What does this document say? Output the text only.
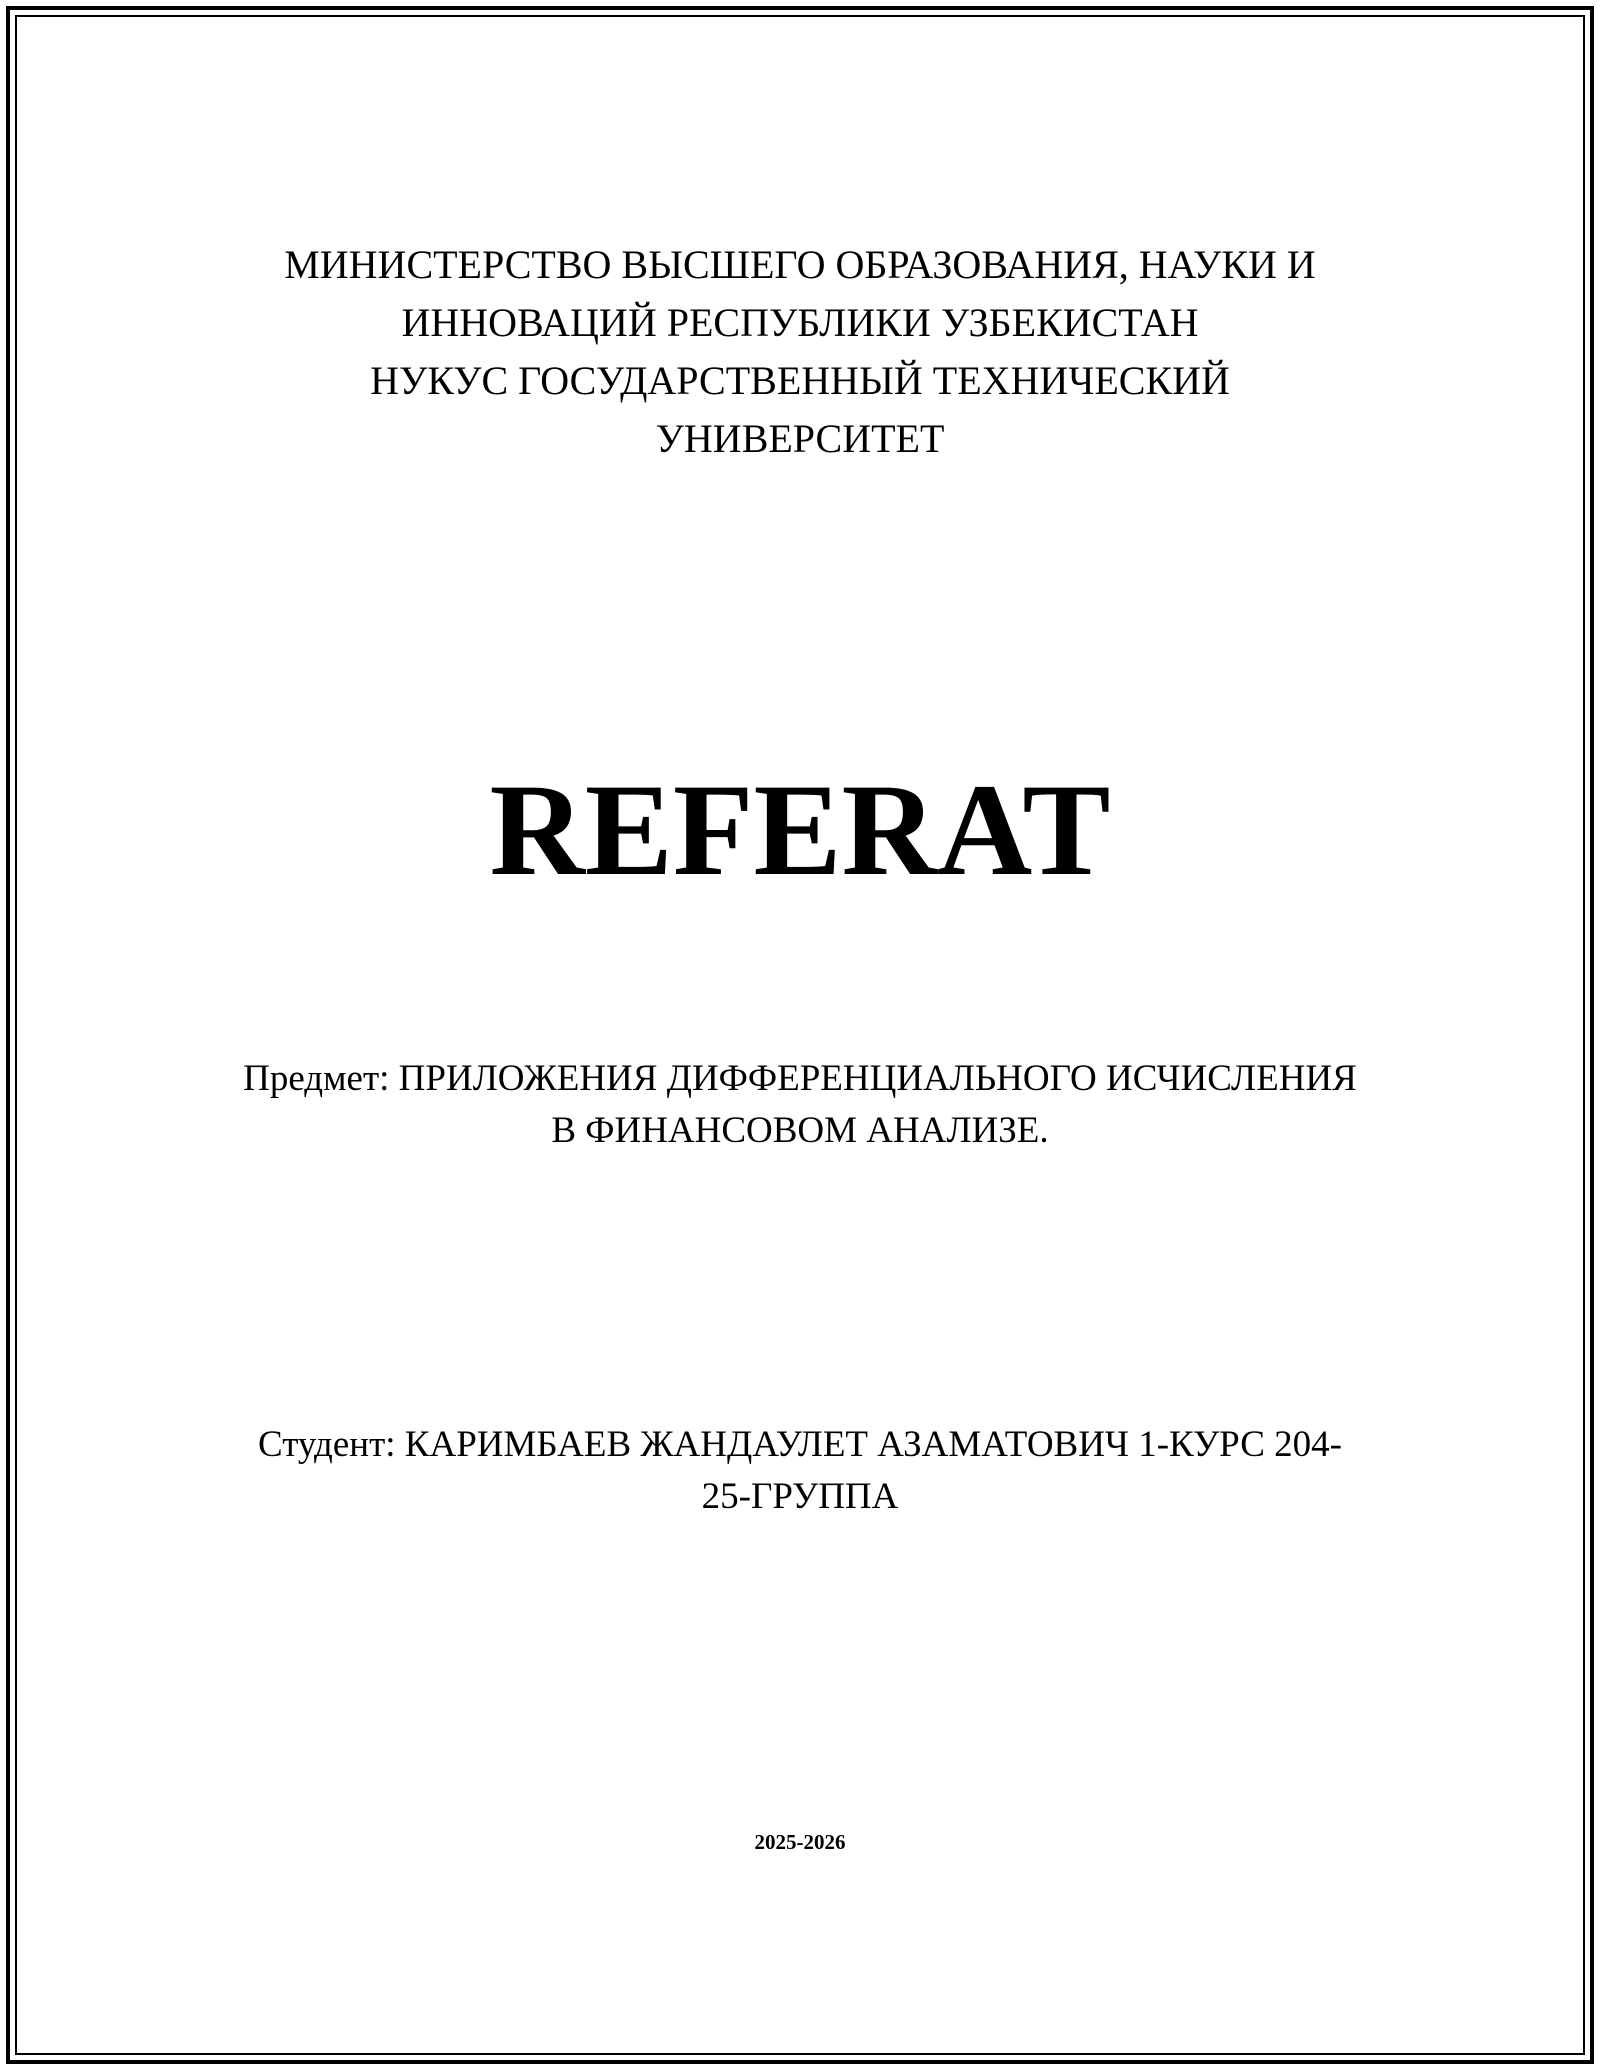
МИНИСТЕРСТВО ВЫСШЕГО ОБРАЗОВАНИЯ, НАУКИ И
ИННОВАЦИЙ РЕСПУБЛИКИ УЗБЕКИСТАН
НУКУС ГОСУДАРСТВЕННЫЙ ТЕХНИЧЕСКИЙ
УНИВЕРСИТЕТ
REFERAT
Предмет: ПРИЛОЖЕНИЯ ДИФФЕРЕНЦИАЛЬНОГО ИСЧИСЛЕНИЯ
В ФИНАНСОВОМ АНАЛИЗЕ.
Студент: КАРИМБАЕВ ЖАНДАУЛЕТ АЗАМАТОВИЧ 1-КУРС 204-
25-ГРУППА
2025-2026
